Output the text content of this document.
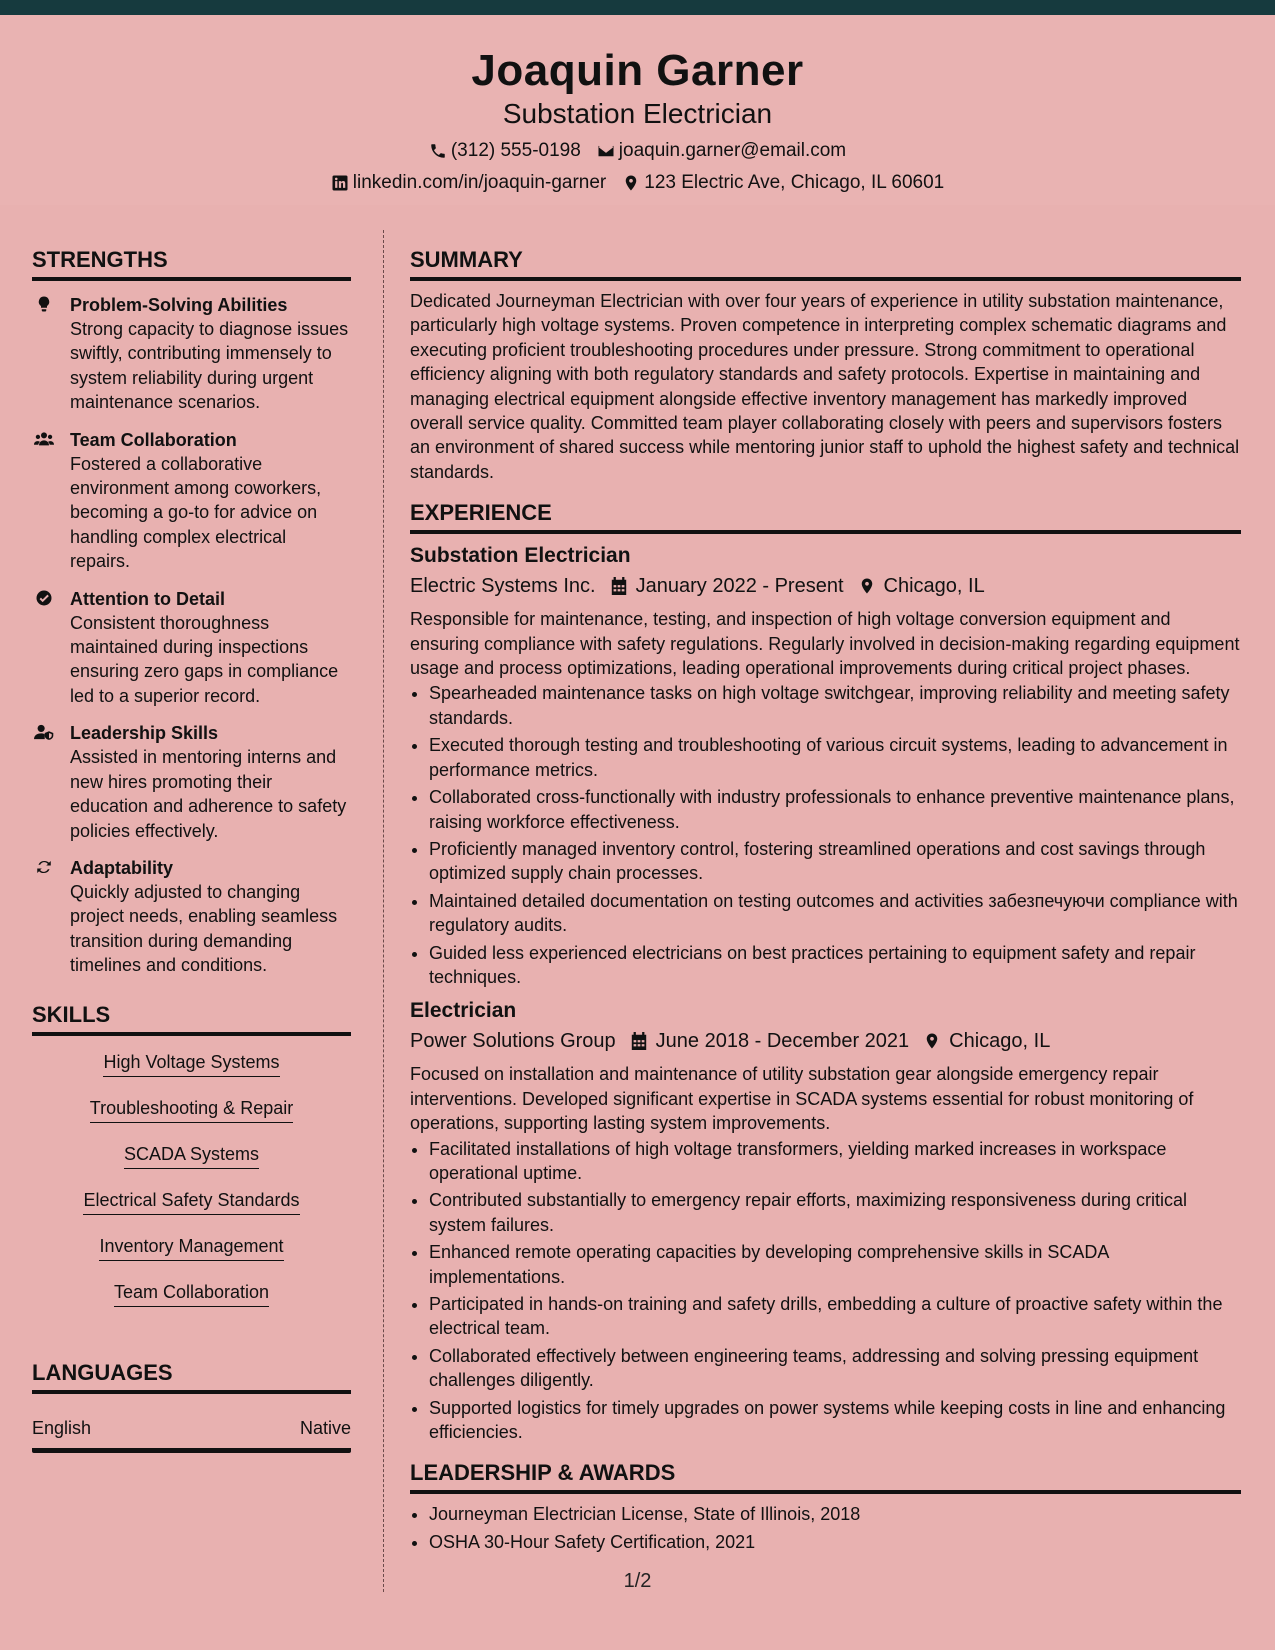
Joaquin Garner
Substation Electrician
(312) 555-0198 joaquin.garner@email.com
linkedin.com/in/joaquin-garner 123 Electric Ave, Chicago, IL 60601
STRENGTHS
Problem-Solving Abilities
Strong capacity to diagnose issues swiftly, contributing immensely to system reliability during urgent maintenance scenarios.
Team Collaboration
Fostered a collaborative environment among coworkers, becoming a go-to for advice on handling complex electrical repairs.
Attention to Detail
Consistent thoroughness maintained during inspections ensuring zero gaps in compliance led to a superior record.
Leadership Skills
Assisted in mentoring interns and new hires promoting their education and adherence to safety policies effectively.
Adaptability
Quickly adjusted to changing project needs, enabling seamless transition during demanding timelines and conditions.
SKILLS
High Voltage Systems
Troubleshooting & Repair
SCADA Systems
Electrical Safety Standards
Inventory Management
Team Collaboration
LANGUAGES
English	Native
SUMMARY

Dedicated Journeyman Electrician with over four years of experience in utility substation maintenance, particularly high voltage systems. Proven competence in interpreting complex schematic diagrams and executing proficient troubleshooting procedures under pressure. Strong commitment to operational efficiency aligning with both regulatory standards and safety protocols. Expertise in maintaining and managing electrical equipment alongside effective inventory management has markedly improved overall service quality. Committed team player collaborating closely with peers and supervisors fosters an environment of shared success while mentoring junior staff to uphold the highest safety and technical standards.

EXPERIENCE
Substation Electrician
Electric Systems Inc. January 2022 - Present Chicago, IL

Responsible for maintenance, testing, and inspection of high voltage conversion equipment and ensuring compliance with safety regulations. Regularly involved in decision-making regarding equipment usage and process optimizations, leading operational improvements during critical project phases.

• Spearheaded maintenance tasks on high voltage switchgear, improving reliability and meeting safety standards.
• Executed thorough testing and troubleshooting of various circuit systems, leading to advancement in performance metrics.
• Collaborated cross-functionally with industry professionals to enhance preventive maintenance plans, raising workforce effectiveness.
• Proficiently managed inventory control, fostering streamlined operations and cost savings through optimized supply chain processes.
• Maintained detailed documentation on testing outcomes and activities забезпечуючи compliance with regulatory audits.
• Guided less experienced electricians on best practices pertaining to equipment safety and repair techniques.
Electrician
Power Solutions Group June 2018 - December 2021 Chicago, IL

Focused on installation and maintenance of utility substation gear alongside emergency repair interventions. Developed significant expertise in SCADA systems essential for robust monitoring of operations, supporting lasting system improvements.

• Facilitated installations of high voltage transformers, yielding marked increases in workspace operational uptime.
• Contributed substantially to emergency repair efforts, maximizing responsiveness during critical system failures.
• Enhanced remote operating capacities by developing comprehensive skills in SCADA implementations.
• Participated in hands-on training and safety drills, embedding a culture of proactive safety within the electrical team.
• Collaborated effectively between engineering teams, addressing and solving pressing equipment challenges diligently.
• Supported logistics for timely upgrades on power systems while keeping costs in line and enhancing efficiencies.
LEADERSHIP & AWARDS
• Journeyman Electrician License, State of Illinois, 2018
• OSHA 30-Hour Safety Certification, 2021
1/2
